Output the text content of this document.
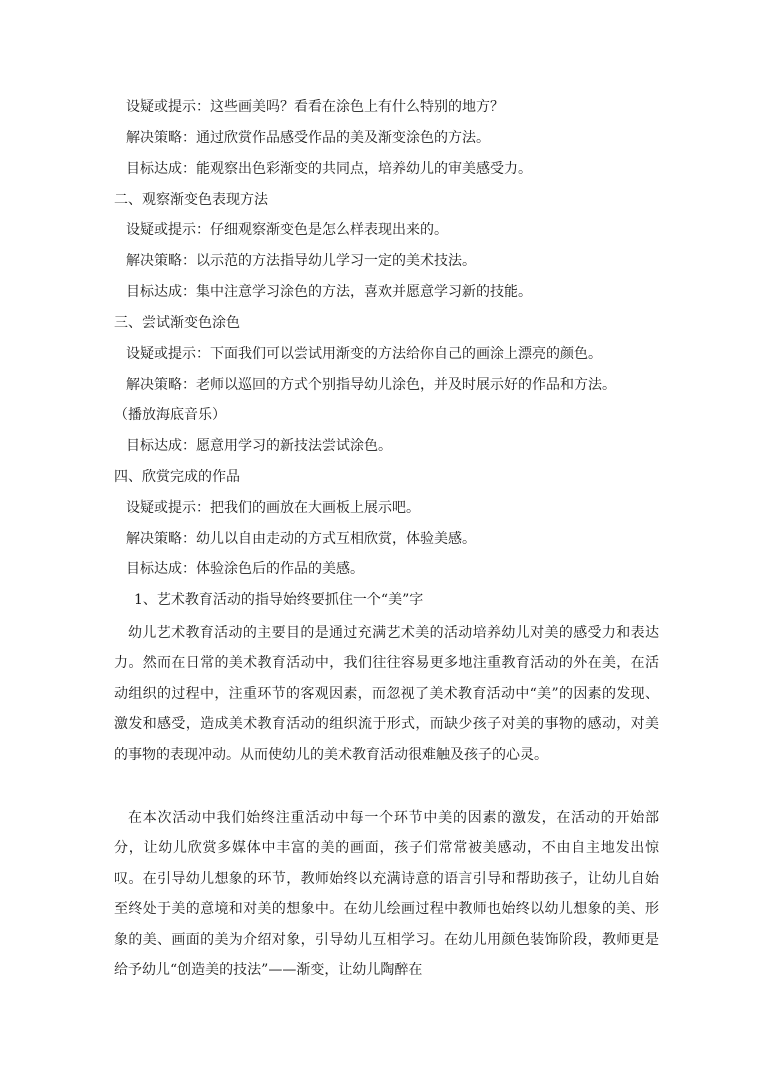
设疑或提示：这些画美吗？看看在涂色上有什么特别的地方？
解决策略：通过欣赏作品感受作品的美及渐变涂色的方法。
目标达成：能观察出色彩渐变的共同点，培养幼儿的审美感受力。
二、观察渐变色表现方法
设疑或提示：仔细观察渐变色是怎么样表现出来的。
解决策略：以示范的方法指导幼儿学习一定的美术技法。
目标达成：集中注意学习涂色的方法，喜欢并愿意学习新的技能。
三、尝试渐变色涂色
设疑或提示：下面我们可以尝试用渐变的方法给你自己的画涂上漂亮的颜色。
解决策略：老师以巡回的方式个别指导幼儿涂色，并及时展示好的作品和方法。
（播放海底音乐）
目标达成：愿意用学习的新技法尝试涂色。
四、欣赏完成的作品
设疑或提示：把我们的画放在大画板上展示吧。
解决策略：幼儿以自由走动的方式互相欣赏，体验美感。
目标达成：体验涂色后的作品的美感。
1、艺术教育活动的指导始终要抓住一个“美”字

幼儿艺术教育活动的主要目的是通过充满艺术美的活动培养幼儿对美的感受力和表达力。然而在日常的美术教育活动中，我们往往容易更多地注重教育活动的外在美，在活动组织的过程中，注重环节的客观因素，而忽视了美术教育活动中“美”的因素的发现、激发和感受，造成美术教育活动的组织流于形式，而缺少孩子对美的事物的感动，对美的事物的表现冲动。从而使幼儿的美术教育活动很难触及孩子的心灵。

在本次活动中我们始终注重活动中每一个环节中美的因素的激发，在活动的开始部分，让幼儿欣赏多媒体中丰富的美的画面，孩子们常常被美感动，不由自主地发出惊叹。在引导幼儿想象的环节，教师始终以充满诗意的语言引导和帮助孩子，让幼儿自始至终处于美的意境和对美的想象中。在幼儿绘画过程中教师也始终以幼儿想象的美、形象的美、画面的美为介绍对象，引导幼儿互相学习。在幼儿用颜色装饰阶段，教师更是给予幼儿“创造美的技法”——渐变，让幼儿陶醉在
